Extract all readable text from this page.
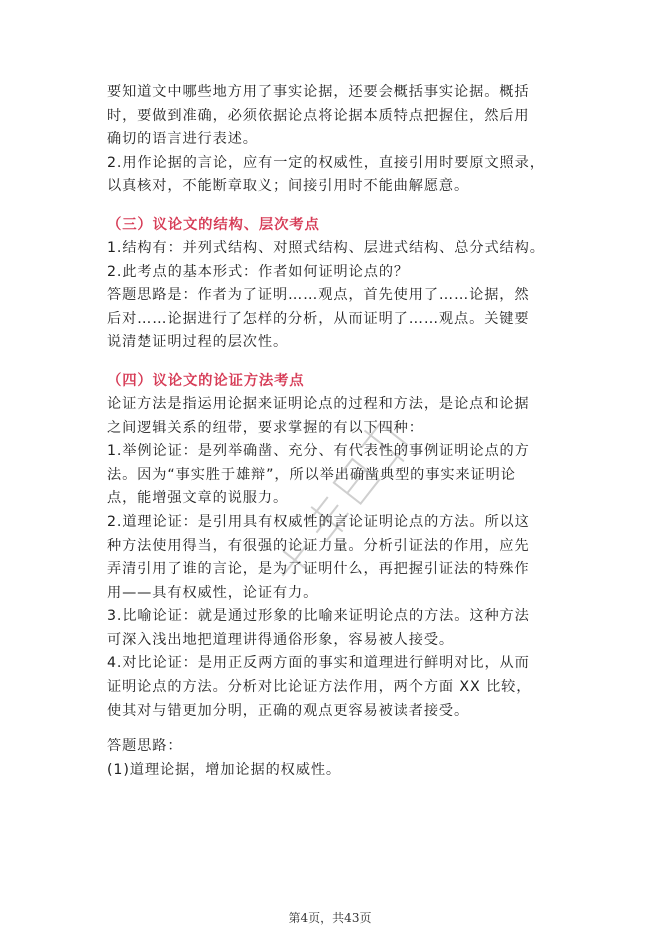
要知道文中哪些地方用了事实论据，还要会概括事实论据。概括
时，要做到准确，必须依据论点将论据本质特点把握住，然后用
确切的语言进行表述。
2.用作论据的言论，应有一定的权威性，直接引用时要原文照录，
以真核对，不能断章取义；间接引用时不能曲解愿意。
（三）议论文的结构、层次考点
1.结构有：并列式结构、对照式结构、层进式结构、总分式结构。
2.此考点的基本形式：作者如何证明论点的？
答题思路是：作者为了证明……观点，首先使用了……论据，然
后对……论据进行了怎样的分析，从而证明了……观点。关键要
说清楚证明过程的层次性。
（四）议论文的论证方法考点
论证方法是指运用论据来证明论点的过程和方法，是论点和论据
之间逻辑关系的纽带，要求掌握的有以下四种：
1.举例论证：是列举确凿、充分、有代表性的事例证明论点的方
法。因为“事实胜于雄辩”，所以举出确凿典型的事实来证明论
点，能增强文章的说服力。
2.道理论证：是引用具有权威性的言论证明论点的方法。所以这
种方法使用得当，有很强的论证力量。分析引证法的作用，应先
弄清引用了谁的言论，是为了证明什么，再把握引证法的特殊作
用——具有权威性，论证有力。
3.比喻论证：就是通过形象的比喻来证明论点的方法。这种方法
可深入浅出地把道理讲得通俗形象，容易被人接受。
4.对比论证：是用正反两方面的事实和道理进行鲜明对比，从而
证明论点的方法。分析对比论证方法作用，两个方面 XX 比较，
使其对与错更加分明，正确的观点更容易被读者接受。
答题思路：
(1)道理论据，增加论据的权威性。
第4页，共43页
